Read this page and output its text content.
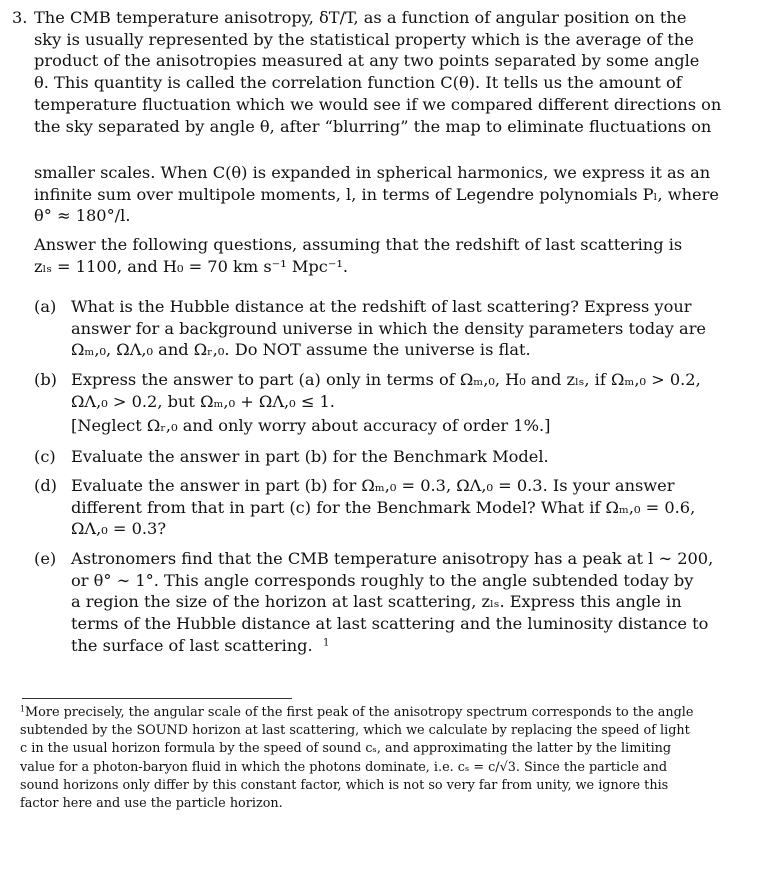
3. The CMB temperature anisotropy, δT/T, as a function of angular position on the
sky is usually represented by the statistical property which is the average of the
product of the anisotropies measured at any two points separated by some angle
θ. This quantity is called the correlation function C(θ). It tells us the amount of
temperature fluctuation which we would see if we compared different directions on
the sky separated by angle θ, after “blurring” the map to eliminate fluctuations on
smaller scales. When C(θ) is expanded in spherical harmonics, we express it as an
infinite sum over multipole moments, l, in terms of Legendre polynomials Pₗ, where
θ° ≈ 180°/l.
Answer the following questions, assuming that the redshift of last scattering is
zₗₛ = 1100, and H₀ = 70 km s⁻¹ Mpc⁻¹.
(a) What is the Hubble distance at the redshift of last scattering? Express your
answer for a background universe in which the density parameters today are
Ωₘ,₀, ΩΛ,₀ and Ωᵣ,₀. Do NOT assume the universe is flat.
(b) Express the answer to part (a) only in terms of Ωₘ,₀, H₀ and zₗₛ, if Ωₘ,₀ > 0.2,
ΩΛ,₀ > 0.2, but Ωₘ,₀ + ΩΛ,₀ ≤ 1.
[Neglect Ωᵣ,₀ and only worry about accuracy of order 1%.]
(c) Evaluate the answer in part (b) for the Benchmark Model.
(d) Evaluate the answer in part (b) for Ωₘ,₀ = 0.3, ΩΛ,₀ = 0.3. Is your answer
different from that in part (c) for the Benchmark Model? What if Ωₘ,₀ = 0.6,
ΩΛ,₀ = 0.3?
(e) Astronomers find that the CMB temperature anisotropy has a peak at l ∼ 200,
or θ° ∼ 1°. This angle corresponds roughly to the angle subtended today by
a region the size of the horizon at last scattering, zₗₛ. Express this angle in
terms of the Hubble distance at last scattering and the luminosity distance to
the surface of last scattering. $^1$
$^1$More precisely, the angular scale of the first peak of the anisotropy spectrum corresponds to the angle
subtended by the SOUND horizon at last scattering, which we calculate by replacing the speed of light
c in the usual horizon formula by the speed of sound cₛ, and approximating the latter by the limiting
value for a photon-baryon fluid in which the photons dominate, i.e. cₛ = c/√3. Since the particle and
sound horizons only differ by this constant factor, which is not so very far from unity, we ignore this
factor here and use the particle horizon.
